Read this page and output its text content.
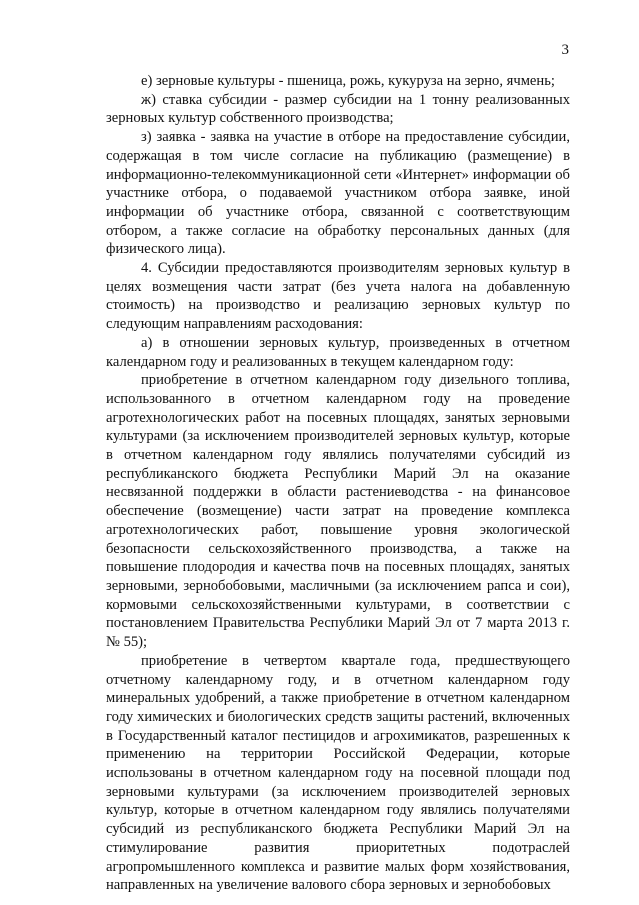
3

е) зерновые культуры - пшеница, рожь, кукуруза на зерно, ячмень;

ж) ставка субсидии - размер субсидии на 1 тонну реализованных зерновых культур собственного производства;

з) заявка - заявка на участие в отборе на предоставление субсидии, содержащая в том числе согласие на публикацию (размещение) в информационно-телекоммуникационной сети «Интернет» информации об участнике отбора, о подаваемой участником отбора заявке, иной информации об участнике отбора, связанной с соответствующим отбором, а также согласие на обработку персональных данных (для физического лица).

4. Субсидии предоставляются производителям зерновых культур в целях возмещения части затрат (без учета налога на добавленную стоимость) на производство и реализацию зерновых культур по следующим направлениям расходования:

а) в отношении зерновых культур, произведенных в отчетном календарном году и реализованных в текущем календарном году:

приобретение в отчетном календарном году дизельного топлива, использованного в отчетном календарном году на проведение агротехнологических работ на посевных площадях, занятых зерновыми культурами (за исключением производителей зерновых культур, которые в отчетном календарном году являлись получателями субсидий из республиканского бюджета Республики Марий Эл на оказание несвязанной поддержки в области растениеводства - на финансовое обеспечение (возмещение) части затрат на проведение комплекса агротехнологических работ, повышение уровня экологической безопасности сельскохозяйственного производства, а также на повышение плодородия и качества почв на посевных площадях, занятых зерновыми, зернобобовыми, масличными (за исключением рапса и сои), кормовыми сельскохозяйственными культурами, в соответствии с постановлением Правительства Республики Марий Эл от 7 марта 2013 г. № 55);

приобретение в четвертом квартале года, предшествующего отчетному календарному году, и в отчетном календарном году минеральных удобрений, а также приобретение в отчетном календарном году химических и биологических средств защиты растений, включенных в Государственный каталог пестицидов и агрохимикатов, разрешенных к применению на территории Российской Федерации, которые использованы в отчетном календарном году на посевной площади под зерновыми культурами (за исключением производителей зерновых культур, которые в отчетном календарном году являлись получателями субсидий из республиканского бюджета Республики Марий Эл на стимулирование развития приоритетных подотраслей агропромышленного комплекса и развитие малых форм хозяйствования, направленных на увеличение валового сбора зерновых и зернобобовых
